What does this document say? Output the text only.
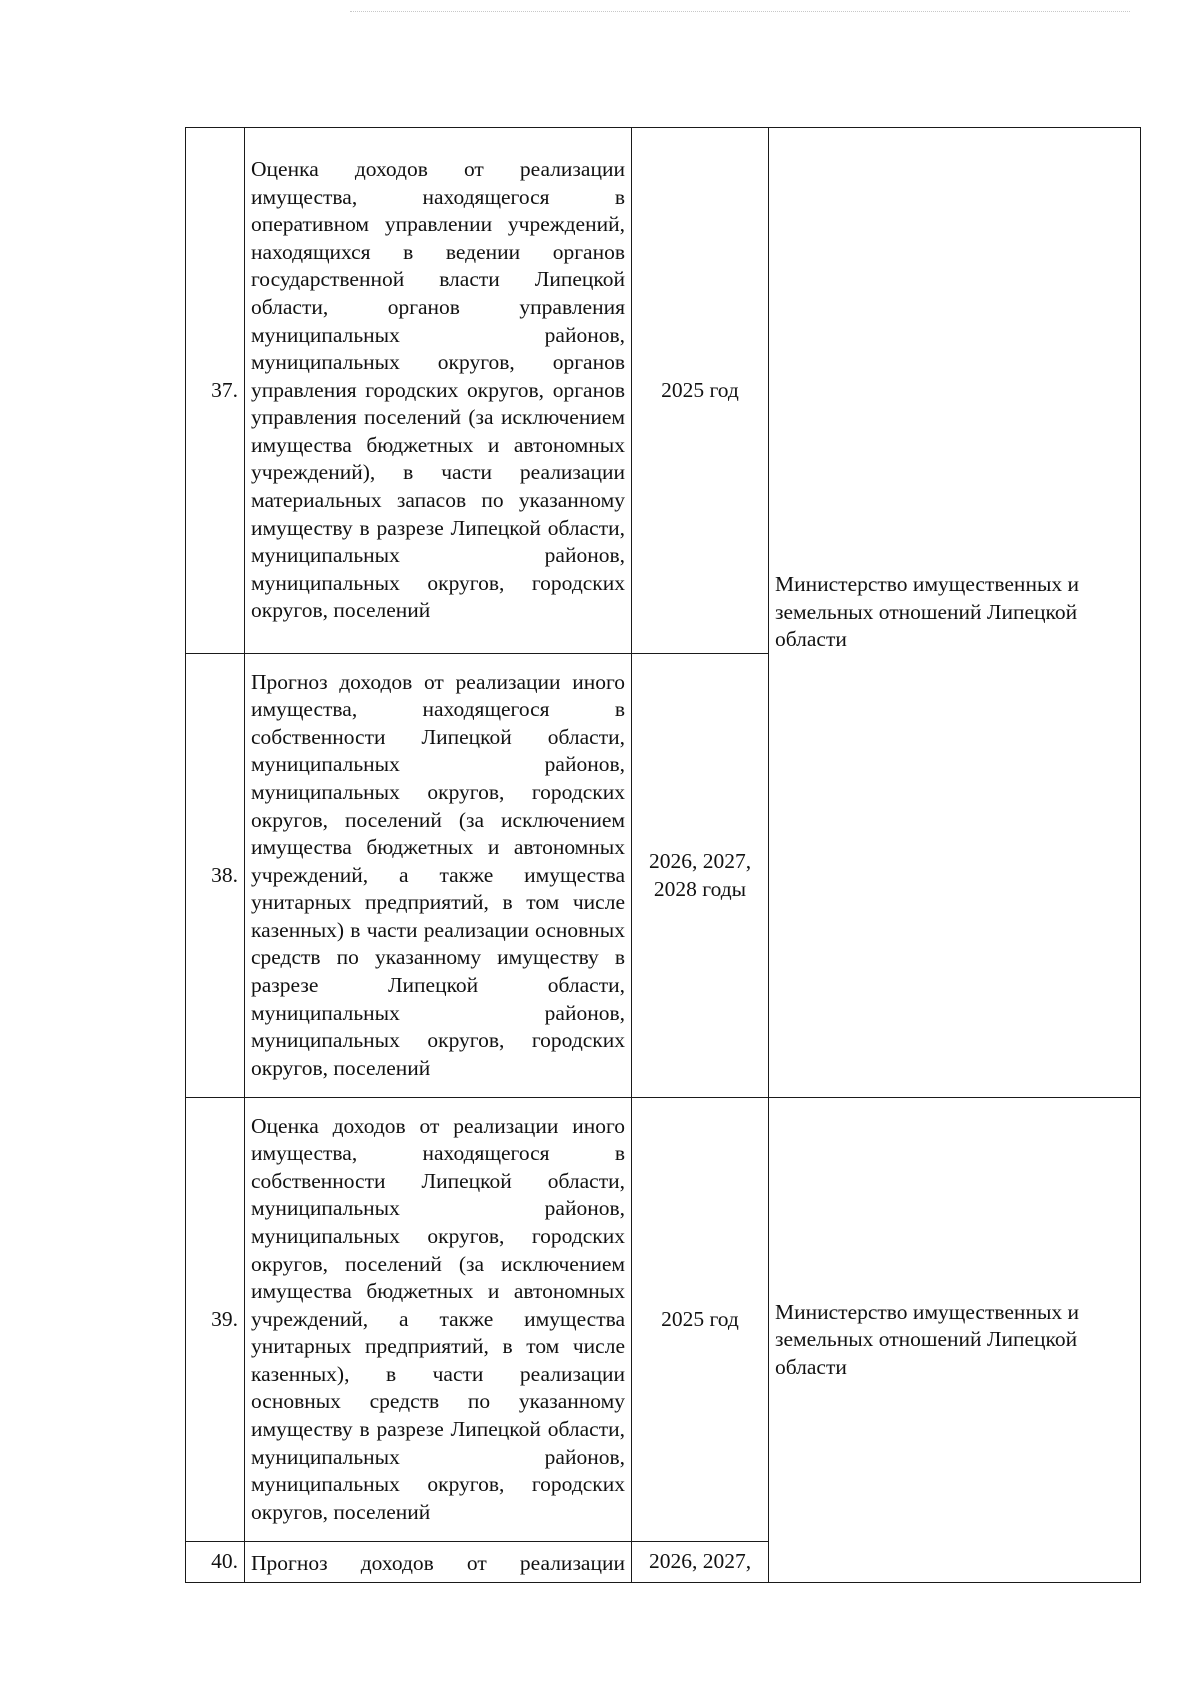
37.	Оценка доходов от реализации имущества, находящегося в оперативном управлении учреждений, находящихся в ведении органов государственной власти Липецкой области, органов управления муниципальных районов, муниципальных округов, органов управления городских округов, органов управления поселений (за исключением имущества бюджетных и автономных учреждений), в части реализации материальных запасов по указанному имуществу в разрезе Липецкой области, муниципальных районов, муниципальных округов, городских округов, поселений	2025 год	Министерство имущественных и земельных отношений Липецкой области
38.	Прогноз доходов от реализации иного имущества, находящегося в собственности Липецкой области, муниципальных районов, муниципальных округов, городских округов, поселений (за исключением имущества бюджетных и автономных учреждений, а также имущества унитарных предприятий, в том числе казенных) в части реализации основных средств по указанному имуществу в разрезе Липецкой области, муниципальных районов, муниципальных округов, городских округов, поселений	2026, 2027, 2028 годы	
39.	Оценка доходов от реализации иного имущества, находящегося в собственности Липецкой области, муниципальных районов, муниципальных округов, городских округов, поселений (за исключением имущества бюджетных и автономных учреждений, а также имущества унитарных предприятий, в том числе казенных), в части реализации основных средств по указанному имуществу в разрезе Липецкой области, муниципальных районов, муниципальных округов, городских округов, поселений	2025 год	Министерство имущественных и земельных отношений Липецкой области
40.	Прогноз доходов от реализации	2026, 2027,	
